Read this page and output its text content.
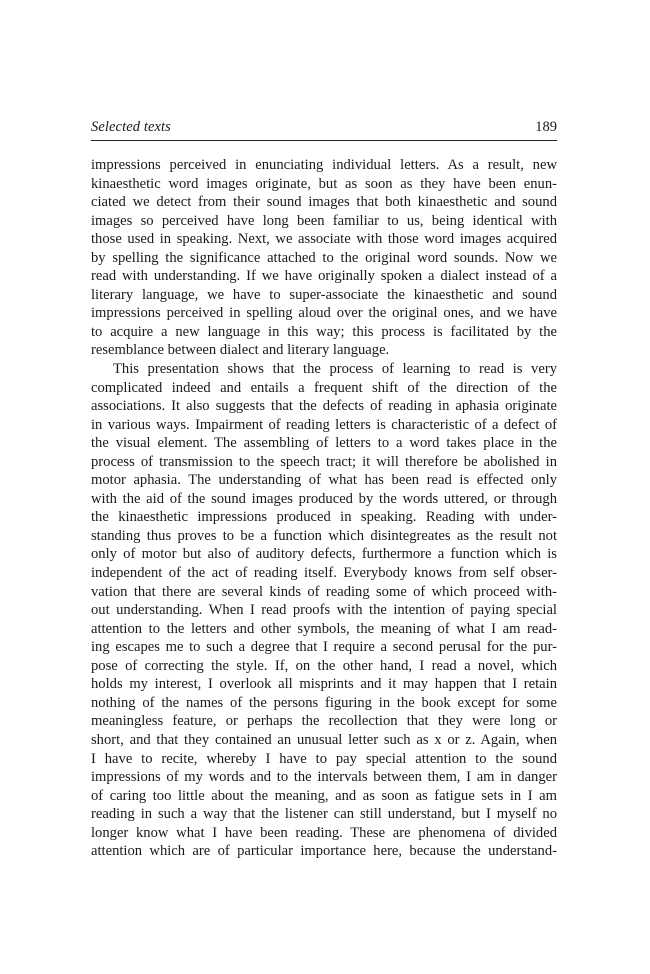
Selected texts	189
impressions perceived in enunciating individual letters. As a result, new
kinaesthetic word images originate, but as soon as they have been enun-
ciated we detect from their sound images that both kinaesthetic and sound
images so perceived have long been familiar to us, being identical with
those used in speaking. Next, we associate with those word images acquired
by spelling the significance attached to the original word sounds. Now we
read with understanding. If we have originally spoken a dialect instead of a
literary language, we have to super-associate the kinaesthetic and sound
impressions perceived in spelling aloud over the original ones, and we have
to acquire a new language in this way; this process is facilitated by the
resemblance between dialect and literary language.
This presentation shows that the process of learning to read is very
complicated indeed and entails a frequent shift of the direction of the
associations. It also suggests that the defects of reading in aphasia originate
in various ways. Impairment of reading letters is characteristic of a defect of
the visual element. The assembling of letters to a word takes place in the
process of transmission to the speech tract; it will therefore be abolished in
motor aphasia. The understanding of what has been read is effected only
with the aid of the sound images produced by the words uttered, or through
the kinaesthetic impressions produced in speaking. Reading with under-
standing thus proves to be a function which disintegreates as the result not
only of motor but also of auditory defects, furthermore a function which is
independent of the act of reading itself. Everybody knows from self obser-
vation that there are several kinds of reading some of which proceed with-
out understanding. When I read proofs with the intention of paying special
attention to the letters and other symbols, the meaning of what I am read-
ing escapes me to such a degree that I require a second perusal for the pur-
pose of correcting the style. If, on the other hand, I read a novel, which
holds my interest, I overlook all misprints and it may happen that I retain
nothing of the names of the persons figuring in the book except for some
meaningless feature, or perhaps the recollection that they were long or
short, and that they contained an unusual letter such as x or z. Again, when
I have to recite, whereby I have to pay special attention to the sound
impressions of my words and to the intervals between them, I am in danger
of caring too little about the meaning, and as soon as fatigue sets in I am
reading in such a way that the listener can still understand, but I myself no
longer know what I have been reading. These are phenomena of divided
attention which are of particular importance here, because the understand-
